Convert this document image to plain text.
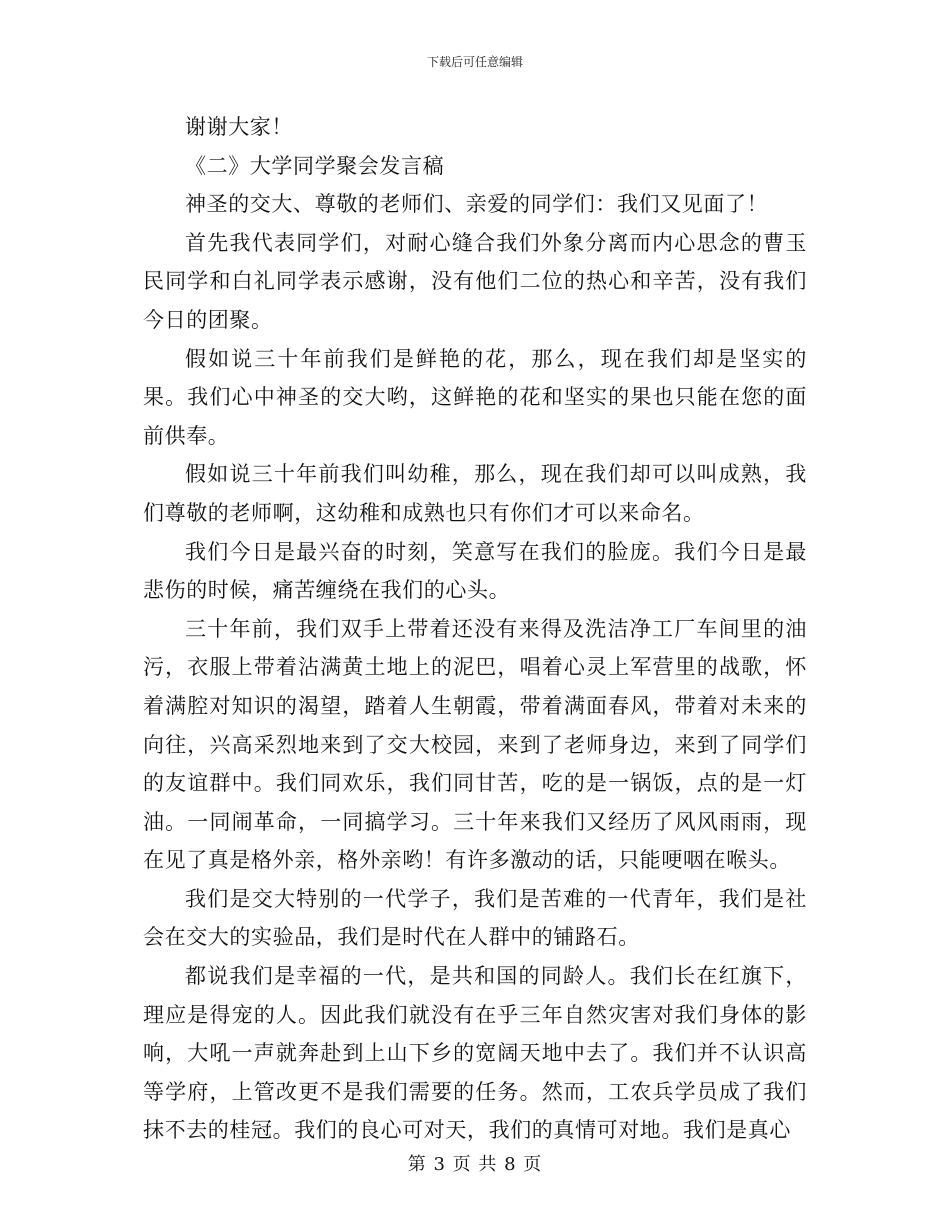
下载后可任意编辑

谢谢大家！

《二》大学同学聚会发言稿

神圣的交大、尊敬的老师们、亲爱的同学们：我们又见面了！

首先我代表同学们，对耐心缝合我们外象分离而内心思念的曹玉民同学和白礼同学表示感谢，没有他们二位的热心和辛苦，没有我们今日的团聚。

假如说三十年前我们是鲜艳的花，那么，现在我们却是坚实的果。我们心中神圣的交大哟，这鲜艳的花和坚实的果也只能在您的面前供奉。

假如说三十年前我们叫幼稚，那么，现在我们却可以叫成熟，我们尊敬的老师啊，这幼稚和成熟也只有你们才可以来命名。

我们今日是最兴奋的时刻，笑意写在我们的脸庞。我们今日是最悲伤的时候，痛苦缠绕在我们的心头。

三十年前，我们双手上带着还没有来得及洗洁净工厂车间里的油污，衣服上带着沾满黄土地上的泥巴，唱着心灵上军营里的战歌，怀着满腔对知识的渴望，踏着人生朝霞，带着满面春风，带着对未来的向往，兴高采烈地来到了交大校园，来到了老师身边，来到了同学们的友谊群中。我们同欢乐，我们同甘苦，吃的是一锅饭，点的是一灯油。一同闹革命，一同搞学习。三十年来我们又经历了风风雨雨，现在见了真是格外亲，格外亲哟！有许多激动的话，只能哽咽在喉头。

我们是交大特别的一代学子，我们是苦难的一代青年，我们是社会在交大的实验品，我们是时代在人群中的铺路石。

都说我们是幸福的一代，是共和国的同龄人。我们长在红旗下，理应是得宠的人。因此我们就没有在乎三年自然灾害对我们身体的影响，大吼一声就奔赴到上山下乡的宽阔天地中去了。我们并不认识高等学府，上管改更不是我们需要的任务。然而，工农兵学员成了我们抹不去的桂冠。我们的良心可对天，我们的真情可对地。我们是真心

第 3 页 共 8 页
